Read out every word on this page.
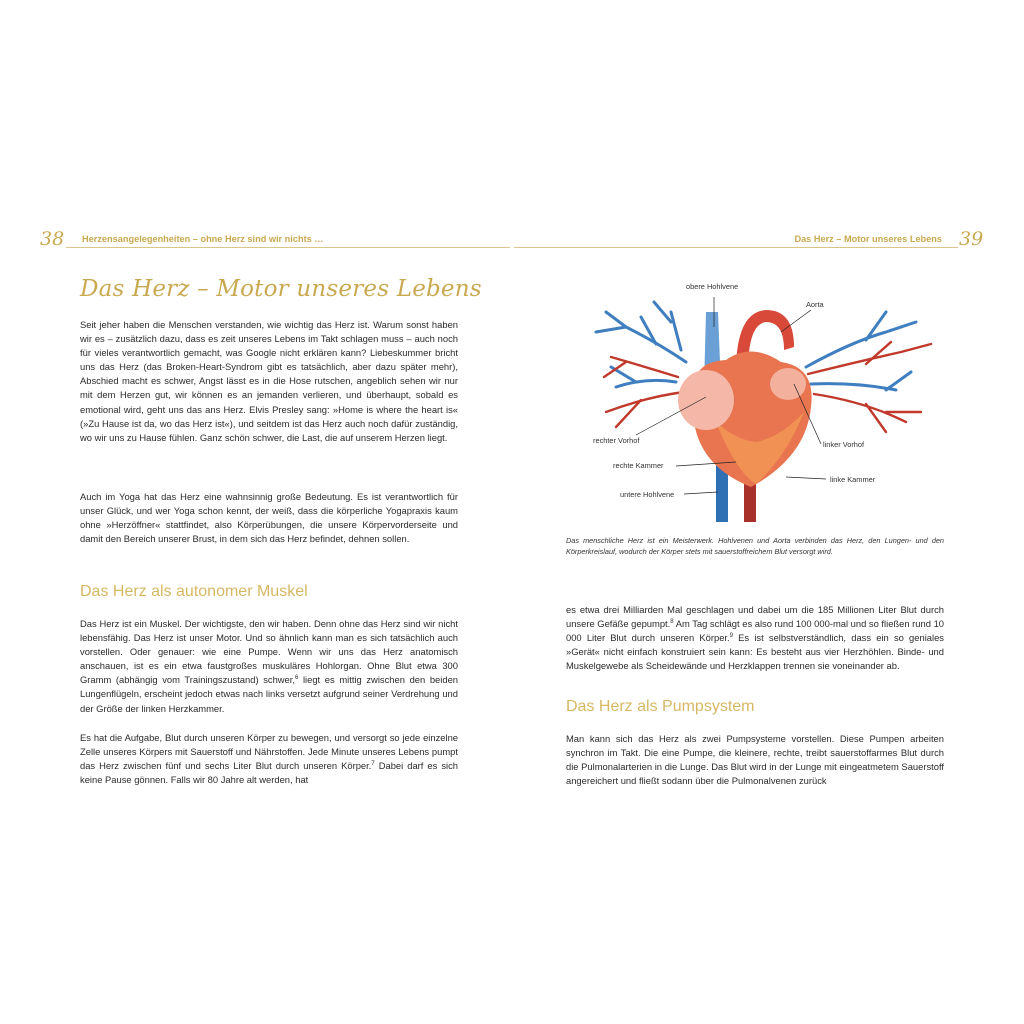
38 Herzensangelegenheiten – ohne Herz sind wir nichts …	Das Herz – Motor unseres Lebens 39
Das Herz – Motor unseres Lebens

Seit jeher haben die Menschen verstanden, wie wichtig das Herz ist. Warum sonst haben wir es – zusätzlich dazu, dass es zeit unseres Lebens im Takt schlagen muss – auch noch für vieles verantwortlich gemacht, was Google nicht erklären kann? Liebeskummer bricht uns das Herz (das Broken-Heart-Syndrom gibt es tatsächlich, aber dazu später mehr), Abschied macht es schwer, Angst lässt es in die Hose rutschen, angeblich sehen wir nur mit dem Herzen gut, wir können es an jemanden verlieren, und überhaupt, sobald es emotional wird, geht uns das ans Herz. Elvis Presley sang: »Home is where the heart is« (»Zu Hause ist da, wo das Herz ist«), und seitdem ist das Herz auch noch dafür zuständig, wo wir uns zu Hause fühlen. Ganz schön schwer, die Last, die auf unserem Herzen liegt.

Auch im Yoga hat das Herz eine wahnsinnig große Bedeutung. Es ist verantwortlich für unser Glück, und wer Yoga schon kennt, der weiß, dass die körperliche Yogapraxis kaum ohne »Herzöffner« stattfindet, also Körperübungen, die unsere Körpervorderseite und damit den Bereich unserer Brust, in dem sich das Herz befindet, dehnen sollen.

Das Herz als autonomer Muskel

Das Herz ist ein Muskel. Der wichtigste, den wir haben. Denn ohne das Herz sind wir nicht lebensfähig. Das Herz ist unser Motor. Und so ähnlich kann man es sich tatsächlich auch vorstellen. Oder genauer: wie eine Pumpe. Wenn wir uns das Herz anatomisch anschauen, ist es ein etwa faustgroßes muskuläres Hohlorgan. Ohne Blut etwa 300 Gramm (abhängig vom Trainingszustand) schwer,$^6$ liegt es mittig zwischen den beiden Lungenflügeln, erscheint jedoch etwas nach links versetzt aufgrund seiner Verdrehung und der Größe der linken Herzkammer.

Es hat die Aufgabe, Blut durch unseren Körper zu bewegen, und versorgt so jede einzelne Zelle unseres Körpers mit Sauerstoff und Nährstoffen. Jede Minute unseres Lebens pumpt das Herz zwischen fünf und sechs Liter Blut durch unseren Körper.$^7$ Dabei darf es sich keine Pause gönnen. Falls wir 80 Jahre alt werden, hat

obere Hohlvene
Aorta
rechter Vorhof	linker Vorhof
rechte Kammer
linke Kammer
untere Hohlvene

Das menschliche Herz ist ein Meisterwerk. Hohlvenen und Aorta verbinden das Herz, den Lungen- und den Körperkreislauf, wodurch der Körper stets mit sauerstoffreichem Blut versorgt wird.

es etwa drei Milliarden Mal geschlagen und dabei um die 185 Millionen Liter Blut durch unsere Gefäße gepumpt.$^8$ Am Tag schlägt es also rund 100 000-mal und so fließen rund 10 000 Liter Blut durch unseren Körper.$^9$ Es ist selbstverständlich, dass ein so geniales »Gerät« nicht einfach konstruiert sein kann: Es besteht aus vier Herzhöhlen. Binde- und Muskelgewebe als Scheidewände und Herzklappen trennen sie voneinander ab.

Das Herz als Pumpsystem

Man kann sich das Herz als zwei Pumpsysteme vorstellen. Diese Pumpen arbeiten synchron im Takt. Die eine Pumpe, die kleinere, rechte, treibt sauerstoffarmes Blut durch die Pulmonalarterien in die Lunge. Das Blut wird in der Lunge mit eingeatmetem Sauerstoff angereichert und fließt sodann über die Pulmonalvenen zurück
